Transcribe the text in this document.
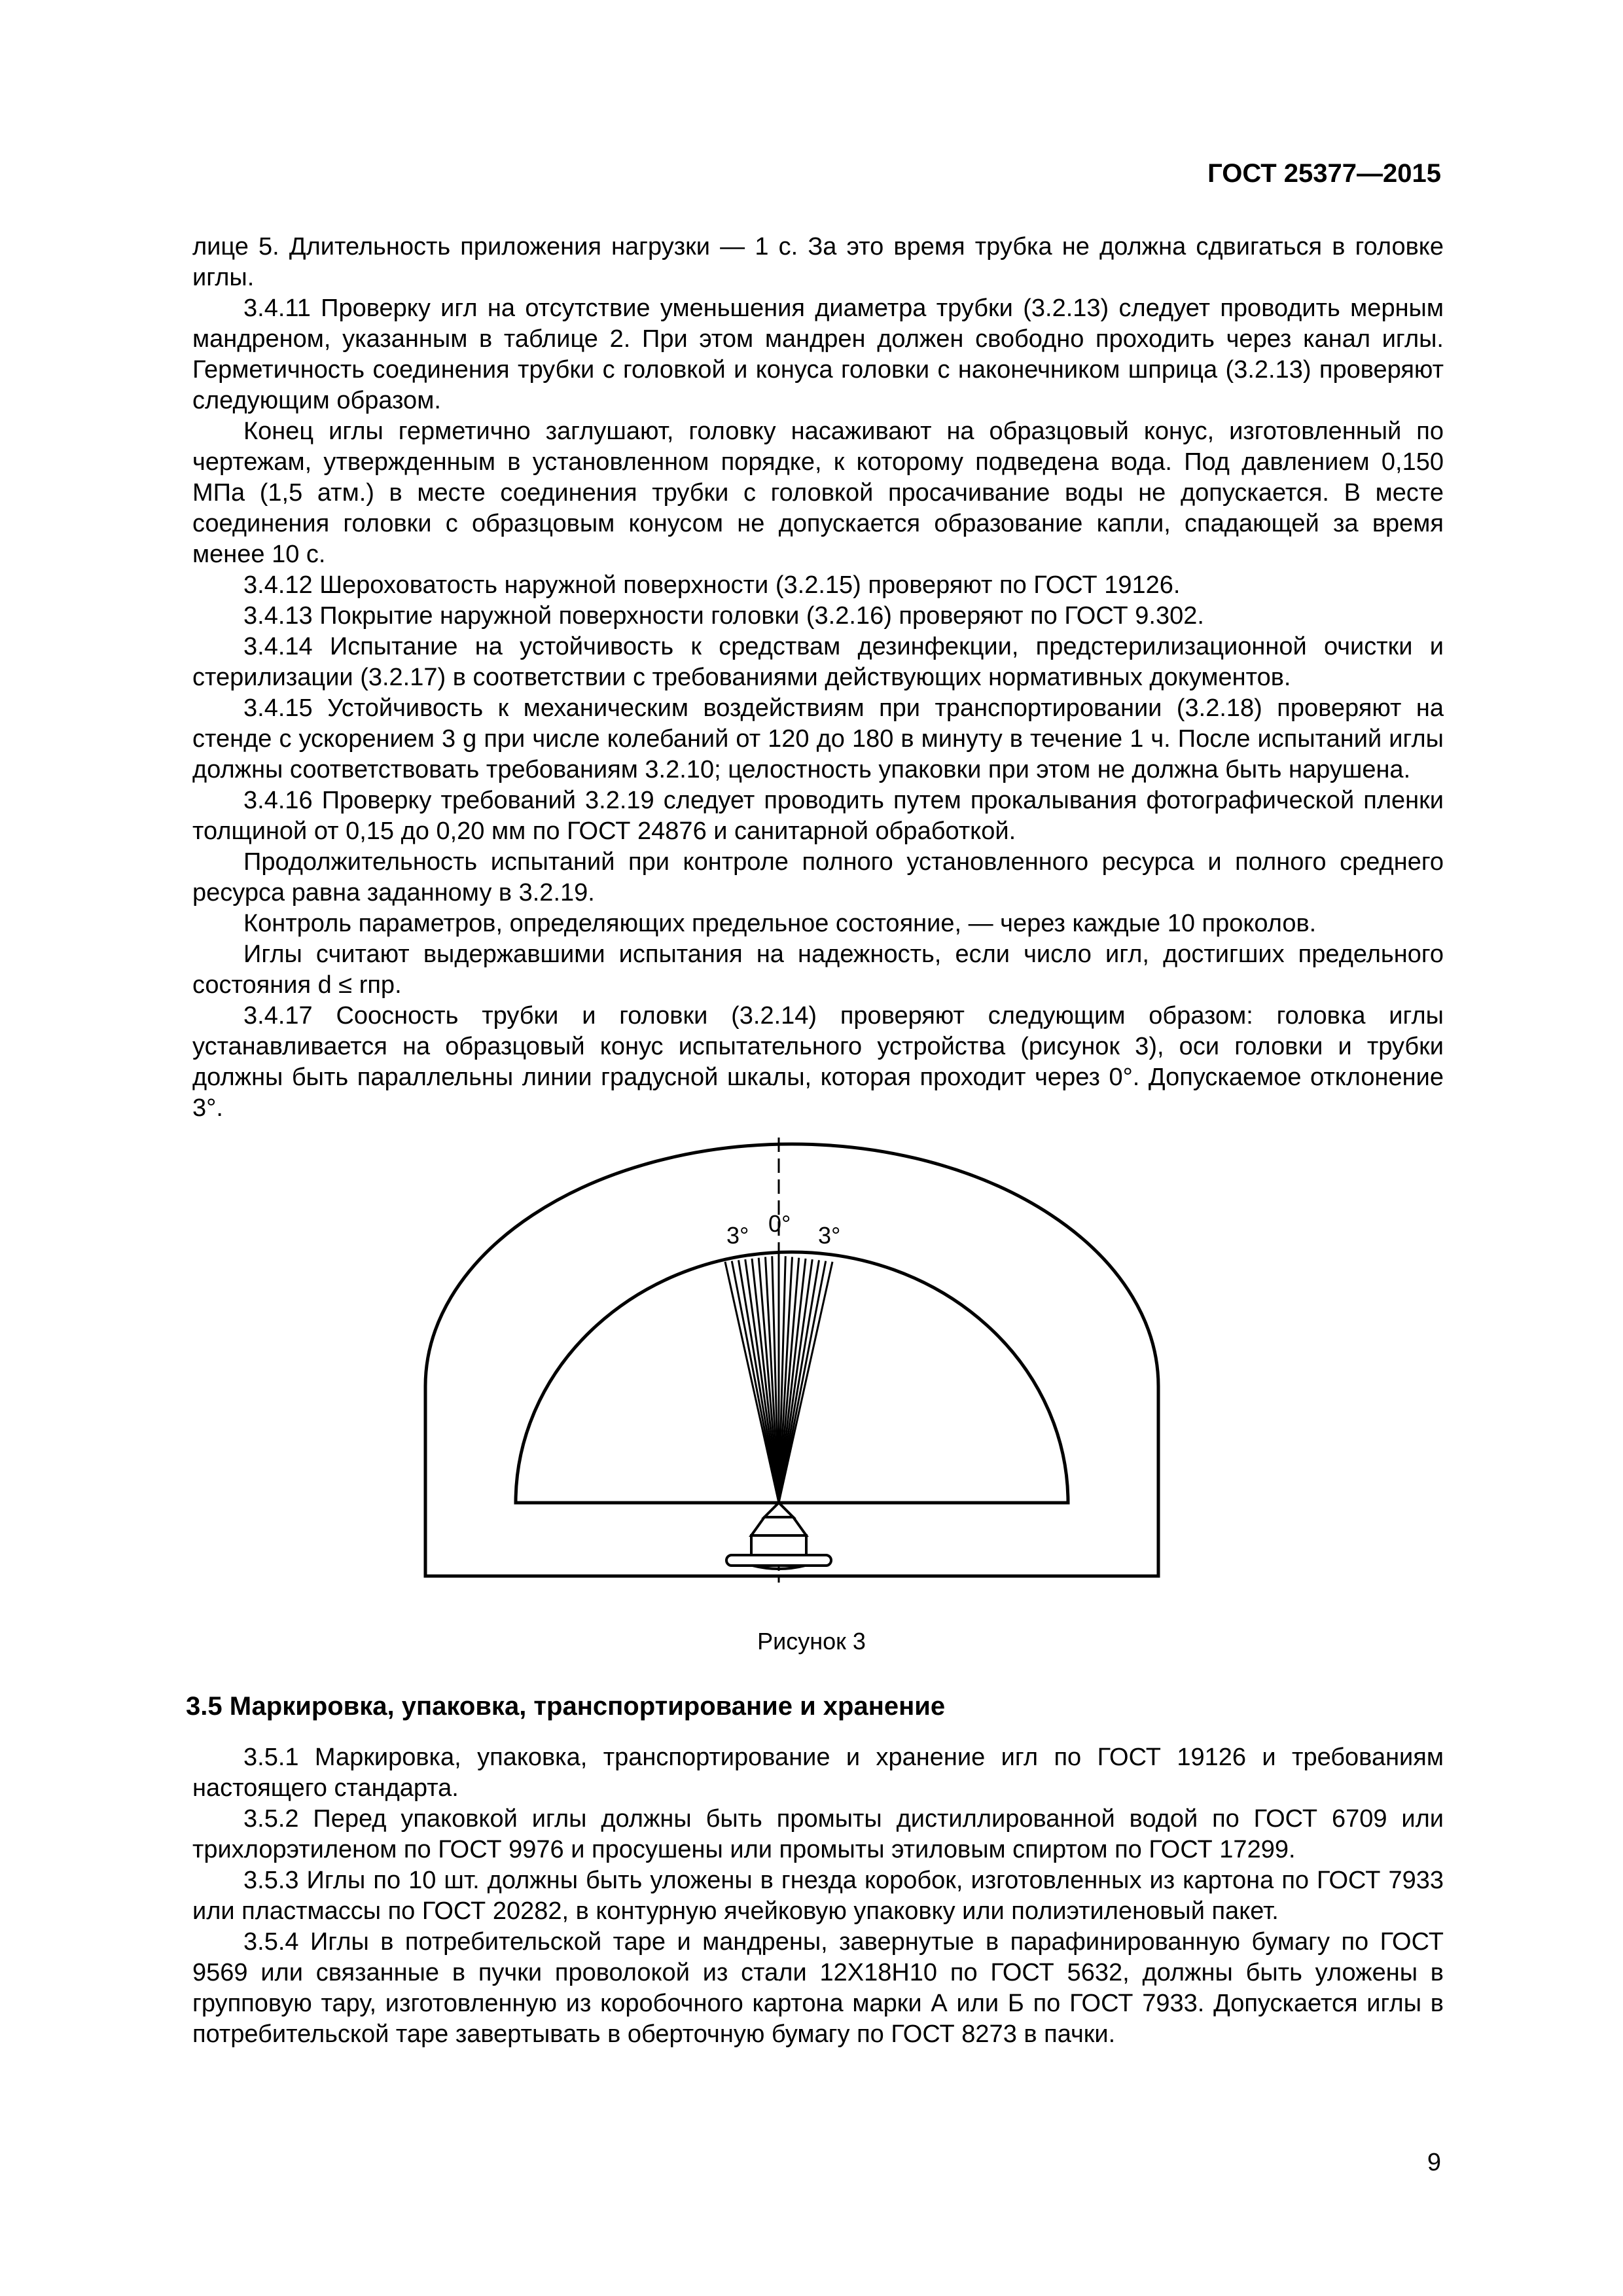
ГОСТ 25377—2015

лице 5. Длительность приложения нагрузки — 1 с. За это время трубка не должна сдвигаться в головке иглы.

3.4.11 Проверку игл на отсутствие уменьшения диаметра трубки (3.2.13) следует проводить мерным мандреном, указанным в таблице 2. При этом мандрен должен свободно проходить через канал иглы. Герметичность соединения трубки с головкой и конуса головки с наконечником шприца (3.2.13) проверяют следующим образом.

Конец иглы герметично заглушают, головку насаживают на образцовый конус, изготовленный по чертежам, утвержденным в установленном порядке, к которому подведена вода. Под давлением 0,150 МПа (1,5 атм.) в месте соединения трубки с головкой просачивание воды не допускается. В месте соединения головки с образцовым конусом не допускается образование капли, спадающей за время менее 10 с.

3.4.12 Шероховатость наружной поверхности (3.2.15) проверяют по ГОСТ 19126.

3.4.13 Покрытие наружной поверхности головки (3.2.16) проверяют по ГОСТ 9.302.

3.4.14 Испытание на устойчивость к средствам дезинфекции, предстерилизационной очистки и стерилизации (3.2.17) в соответствии с требованиями действующих нормативных документов.

3.4.15 Устойчивость к механическим воздействиям при транспортировании (3.2.18) проверяют на стенде с ускорением 3 g при числе колебаний от 120 до 180 в минуту в течение 1 ч. После испытаний иглы должны соответствовать требованиям 3.2.10; целостность упаковки при этом не должна быть нарушена.

3.4.16 Проверку требований 3.2.19 следует проводить путем прокалывания фотографической пленки толщиной от 0,15 до 0,20 мм по ГОСТ 24876 и санитарной обработкой.

Продолжительность испытаний при контроле полного установленного ресурса и полного среднего ресурса равна заданному в 3.2.19.

Контроль параметров, определяющих предельное состояние, — через каждые 10 проколов.

Иглы считают выдержавшими испытания на надежность, если число игл, достигших предельного состояния d ≤ rпр.

3.4.17 Соосность трубки и головки (3.2.14) проверяют следующим образом: головка иглы устанавливается на образцовый конус испытательного устройства (рисунок 3), оси головки и трубки должны быть параллельны линии градусной шкалы, которая проходит через 0°. Допускаемое отклонение 3°.

3° 0° 3°
Рисунок 3
3.5 Маркировка, упаковка, транспортирование и хранение

3.5.1 Маркировка, упаковка, транспортирование и хранение игл по ГОСТ 19126 и требованиям настоящего стандарта.

3.5.2 Перед упаковкой иглы должны быть промыты дистиллированной водой по ГОСТ 6709 или трихлорэтиленом по ГОСТ 9976 и просушены или промыты этиловым спиртом по ГОСТ 17299.

3.5.3 Иглы по 10 шт. должны быть уложены в гнезда коробок, изготовленных из картона по ГОСТ 7933 или пластмассы по ГОСТ 20282, в контурную ячейковую упаковку или полиэтиленовый пакет.

3.5.4 Иглы в потребительской таре и мандрены, завернутые в парафинированную бумагу по ГОСТ 9569 или связанные в пучки проволокой из стали 12Х18Н10 по ГОСТ 5632, должны быть уложены в групповую тару, изготовленную из коробочного картона марки А или Б по ГОСТ 7933. Допускается иглы в потребительской таре завертывать в оберточную бумагу по ГОСТ 8273 в пачки.

9
